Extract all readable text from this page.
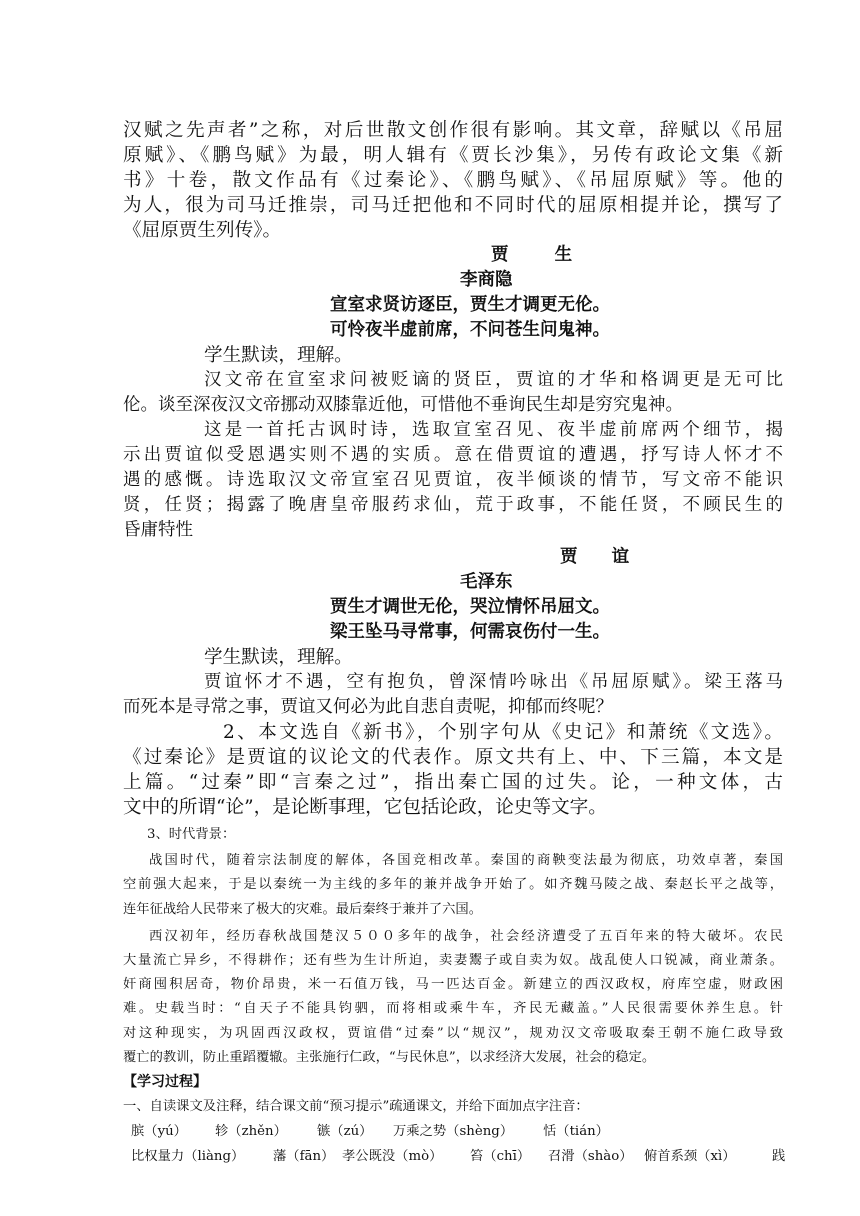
汉赋之先声者”之称，对后世散文创作很有影响。其文章，辞赋以《吊屈
原赋》、《鹏鸟赋》为最，明人辑有《贾长沙集》，另传有政论文集《新
书》十卷，散文作品有《过秦论》、《鹏鸟赋》、《吊屈原赋》等。他的
为人，很为司马迁推崇，司马迁把他和不同时代的屈原相提并论，撰写了
《屈原贾生列传》。
贾 生
李商隐
宣室求贤访逐臣，贾生才调更无伦。
可怜夜半虚前席，不问苍生问鬼神。
学生默读，理解。
汉文帝在宣室求问被贬谪的贤臣，贾谊的才华和格调更是无可比
伦。谈至深夜汉文帝挪动双膝靠近他，可惜他不垂询民生却是穷究鬼神。
这是一首托古讽时诗，选取宣室召见、夜半虚前席两个细节，揭
示出贾谊似受恩遇实则不遇的实质。意在借贾谊的遭遇，抒写诗人怀才不
遇的感慨。诗选取汉文帝宣室召见贾谊，夜半倾谈的情节，写文帝不能识
贤，任贤；揭露了晚唐皇帝服药求仙，荒于政事，不能任贤，不顾民生的
昏庸特性
贾 谊
毛泽东
贾生才调世无伦，哭泣情怀吊屈文。
梁王坠马寻常事，何需哀伤付一生。
学生默读，理解。
贾谊怀才不遇，空有抱负，曾深情吟咏出《吊屈原赋》。梁王落马
而死本是寻常之事，贾谊又何必为此自悲自责呢，抑郁而终呢？
2、本文选自《新书》，个别字句从《史记》和萧统《文选》。
《过秦论》是贾谊的议论文的代表作。原文共有上、中、下三篇，本文是
上篇。“过秦”即“言秦之过”，指出秦亡国的过失。论，一种文体，古
文中的所谓“论”，是论断事理，它包括论政，论史等文字。
3、时代背景：
战国时代，随着宗法制度的解体，各国竞相改革。秦国的商鞅变法最为彻底，功效卓著，秦国
空前强大起来，于是以秦统一为主线的多年的兼并战争开始了。如齐魏马陵之战、秦赵长平之战等，
连年征战给人民带来了极大的灾难。最后秦终于兼并了六国。
西汉初年，经历春秋战国楚汉５００多年的战争，社会经济遭受了五百年来的特大破坏。农民
大量流亡异乡，不得耕作；还有些为生计所迫，卖妻鬻子或自卖为奴。战乱使人口锐减，商业萧条。
奸商囤积居奇，物价昂贵，米一石值万钱，马一匹达百金。新建立的西汉政权，府库空虚，财政困
难。史载当时：“自天子不能具钧驷，而将相或乘牛车，齐民无藏盖。”人民很需要休养生息。针
对这种现实，为巩固西汉政权，贾谊借“过秦”以“规汉”，规劝汉文帝吸取秦王朝不施仁政导致
覆亡的教训，防止重蹈覆辙。主张施行仁政，“与民休息”，以求经济大发展，社会的稳定。
【学习过程】
一、自读课文及注释，结合课文前“预习提示”疏通课文，并给下面加点字注音：
膑（yú） 轸（zhěn） 镞（zú） 万乘之势（shèng） 恬（tián）
比权量力（liàng） 藩（fān） 孝公既没（mò） 笞（chī） 召滑（shào） 俯首系颈（xì）	践
